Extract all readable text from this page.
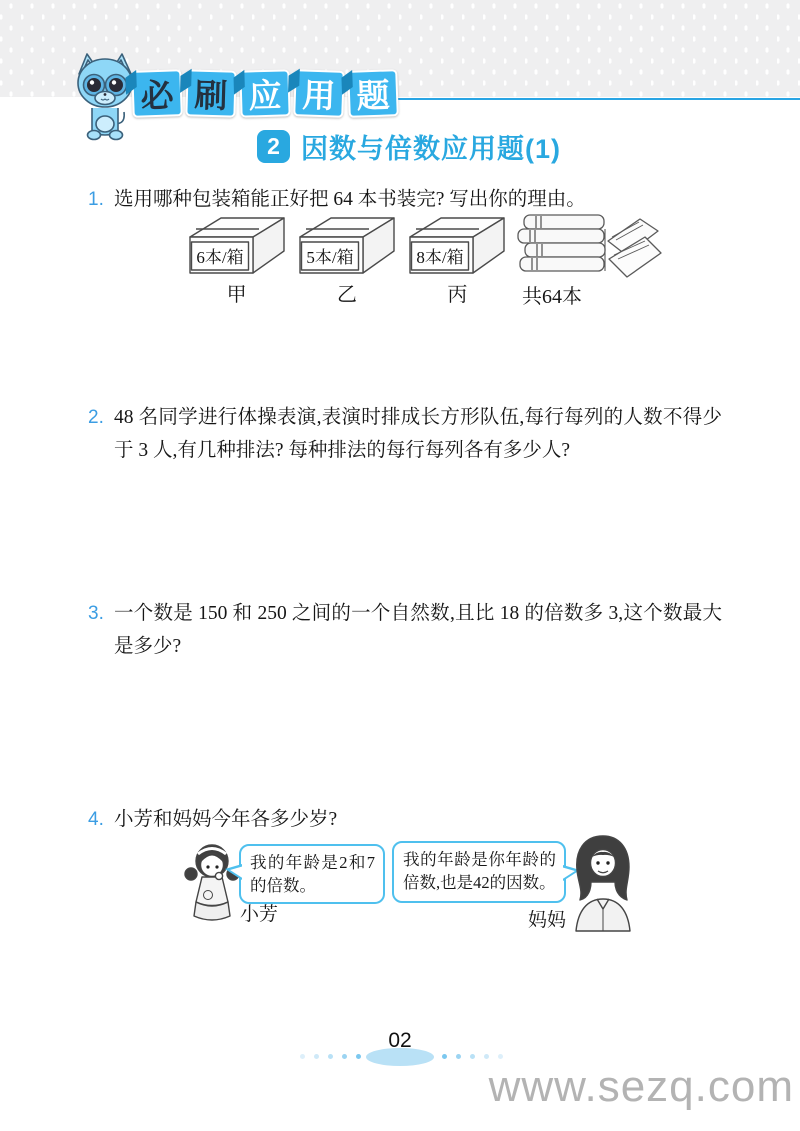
必 刷 应 用 题
2 因数与倍数应用题(1)
1. 选用哪种包装箱能正好把 64 本书装完? 写出你的理由。
6本/箱
甲
5本/箱
乙
8本/箱
丙	共64本
2. 48 名同学进行体操表演,表演时排成长方形队伍,每行每列的人数不得少于 3 人,有几种排法? 每种排法的每行每列各有多少人?
3. 一个数是 150 和 250 之间的一个自然数,且比 18 的倍数多 3,这个数最大是多少?
4. 小芳和妈妈今年各多少岁?
我的年龄是2和7的倍数。
我的年龄是你年龄的倍数,也是42的因数。
小芳	妈妈
02
www.sezq.com
